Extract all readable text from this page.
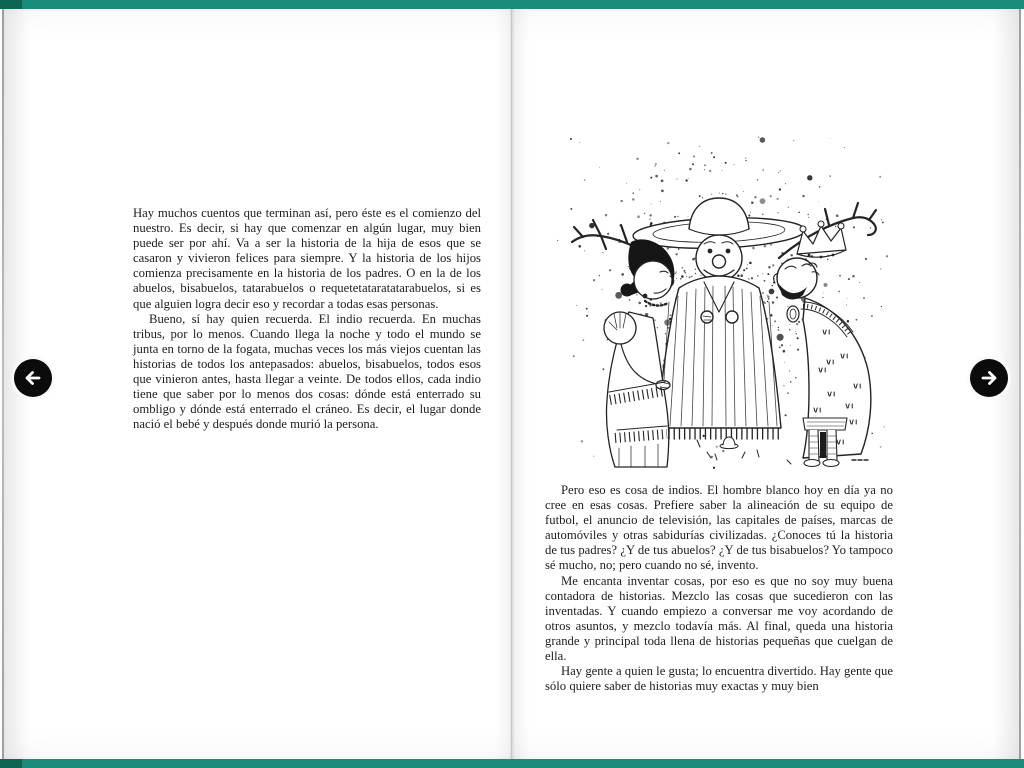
Hay muchos cuentos que terminan así, pero éste es el comienzo del nuestro. Es decir, si hay que comenzar en algún lugar, muy bien puede ser por ahí. Va a ser la historia de la hija de esos que se casaron y vivieron felices para siempre. Y la historia de los hijos comienza precisamente en la historia de los padres. O en la de los abuelos, bisabuelos, tatarabuelos o requetetataratatarabuelos, si es que alguien logra decir eso y recordar a todas esas personas.

Bueno, sí hay quien recuerda. El indio recuerda. En muchas tribus, por lo menos. Cuando llega la noche y todo el mundo se junta en torno de la fogata, muchas veces los más viejos cuentan las historias de todos los antepasados: abuelos, bisabuelos, todos esos que vinieron antes, hasta llegar a veinte. De todos ellos, cada indio tiene que saber por lo menos dos cosas: dónde está enterrado su ombligo y dónde está enterrado el cráneo. Es decir, el lugar donde nació el bebé y después donde murió la persona.

Pero eso es cosa de indios. El hombre blanco hoy en día ya no cree en esas cosas. Prefiere saber la alineación de su equipo de futbol, el anuncio de televisión, las capitales de países, marcas de automóviles y otras sabidurías civilizadas. ¿Conoces tú la historia de tus padres? ¿Y de tus abuelos? ¿Y de tus bisabuelos? Yo tampoco sé mucho, no; pero cuando no sé, invento.

Me encanta inventar cosas, por eso es que no soy muy buena contadora de historias. Mezclo las cosas que sucedieron con las inventadas. Y cuando empiezo a conversar me voy acordando de otros asuntos, y mezclo todavía más. Al final, queda una historia grande y principal toda llena de historias pequeñas que cuelgan de ella.

Hay gente a quien le gusta; lo encuentra divertido. Hay gente que sólo quiere saber de historias muy exactas y muy bien
